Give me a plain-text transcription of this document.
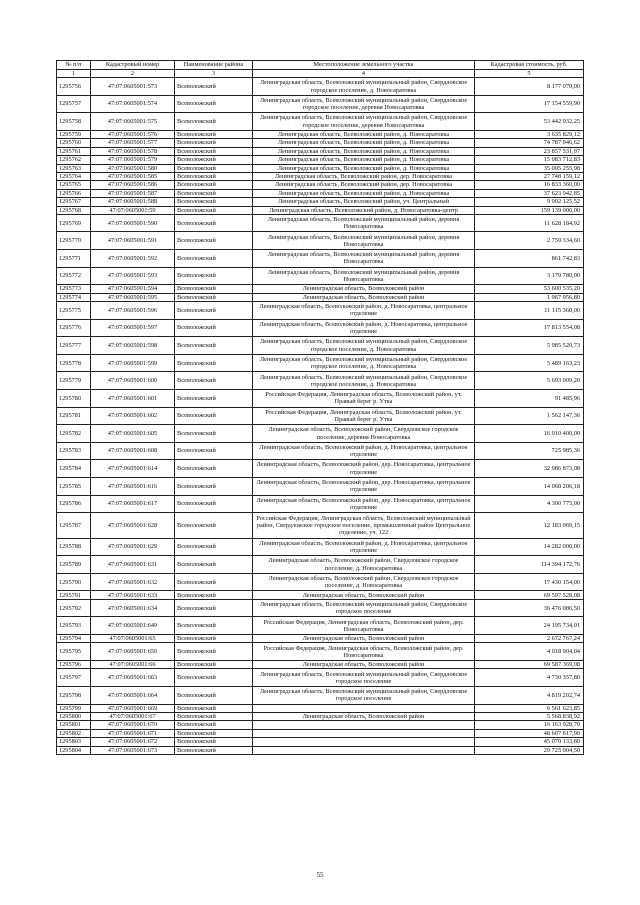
№ п/п	Кадастровый номер	Наименование района	Местоположение земельного участка	Кадастровая стоимость, руб.
1	2	3	4	5
1295756	47:07:0605001:573	Всеволожский	Ленинградская область, Всеволожский муниципальный район, Свердловское городское поселение, д. Новосаратовка	8 177 070,00
1295757	47:07:0605001:574	Всеволожский	Ленинградская область, Всеволожский муниципальный район, Свердловское городское поселение, деревня Новосаратовка	17 154 559,90
1295758	47:07:0605001:575	Всеволожский	Ленинградская область, Всеволожский муниципальный район, Свердловское городское поселение, деревня Новосаратовка	53 442 932,25
1295759	47:07:0605001:576	Всеволожский	Ленинградская область, Всеволожский район, д. Новосаратовка	3 635 829,12
1295760	47:07:0605001:577	Всеволожский	Ленинградская область, Всеволожский район, д. Новосаратовка	74 787 946,62
1295761	47:07:0605001:578	Всеволожский	Ленинградская область, Всеволожский район, д. Новосаратовка	23 857 531,97
1295762	47:07:0605001:579	Всеволожский	Ленинградская область, Всеволожский район, д. Новосаратовка	15 083 712,83
1295763	47:07:0605001:580	Всеволожский	Ленинградская область, Всеволожский район, д. Новосаратовка	35 005 255,98
1295764	47:07:0605001:585	Всеволожский	Ленинградская область, Всеволожский район, дер. Новосаратовка	27 748 159,12
1295765	47:07:0605001:586	Всеволожский	Ленинградская область, Всеволожский район, дер. Новосаратовка	16 833 360,00
1295766	47:07:0605001:587	Всеволожский	Ленинградская область, Всеволожский район, д. Новосаратовка	37 623 942,85
1295767	47:07:0605001:588	Всеволожский	Ленинградская область, Всеволожский район, уч. Центральный	9 902 125,52
1295768	47:07:0605001:59	Всеволожский	Ленинградская область, Всеволожский район, д. Новосаратовка-центр	159 139 000,00
1295769	47:07:0605001:590	Всеволожский	Ленинградская область, Всеволожский муниципальный район, деревня Новосаратовка	11 628 184,92
1295770	47:07:0605001:591	Всеволожский	Ленинградская область, Всеволожский муниципальный район, деревня Новосаратовка	2 759 334,60
1295771	47:07:0605001:592	Всеволожский	Ленинградская область, Всеволожский муниципальный район, деревня Новосаратовка	861 742,83
1295772	47:07:0605001:593	Всеволожский	Ленинградская область, Всеволожский муниципальный район, деревня Новосаратовка	3 179 780,00
1295773	47:07:0605001:594	Всеволожский	Ленинградская область, Всеволожский район	53 600 535,20
1295774	47:07:0605001:595	Всеволожский	Ленинградская область, Всеволожский район	1 967 956,80
1295775	47:07:0605001:596	Всеволожский	Ленинградская область, Всеволожский район, д. Новосаратовка, центральное отделение	11 115 360,00
1295776	47:07:0605001:597	Всеволожский	Ленинградская область, Всеволожский район, д. Новосаратовка, центральное отделение	17 813 554,08
1295777	47:07:0605001:598	Всеволожский	Ленинградская область, Всеволожский муниципальный район, Свердловское городское поселение, д. Новосаратовка	5 985 520,73
1295778	47:07:0605001:599	Всеволожский	Ленинградская область, Всеволожский муниципальный район, Свердловское городское поселение, д. Новосаратовка	5 489 163,23
1295779	47:07:0605001:600	Всеволожский	Ленинградская область, Всеволожский муниципальный район, Свердловское городское поселение, д. Новосаратовка	5 693 009,20
1295780	47:07:0605001:601	Всеволожский	Российская Федерация, Ленинградская область, Всеволожский район, ут. Правый берег р. Утка	91 485,96
1295781	47:07:0605001:602	Всеволожский	Российская Федерация, Ленинградская область, Всеволожский район, ут. Правый берег р. Утка	1 562 147,36
1295782	47:07:0605001:605	Всеволожский	Ленинградская область, Всеволожский район, Свердловское городское поселение, деревня Новосаратовка	16 010 400,00
1295783	47:07:0605001:608	Всеволожский	Ленинградская область, Всеволожский район, д. Новосаратовка, центральное отделение	725 985,36
1295784	47:07:0605001:614	Всеволожский	Ленинградская область, Всеволожский район, дер. Новосаратовка, центральное отделение	32 986 873,08
1295785	47:07:0605001:616	Всеволожский	Ленинградская область, Всеволожский район, дер. Новосаратовка, центральное отделение	14 068 206,18
1295786	47:07:0605001:617	Всеволожский	Ленинградская область, Всеволожский район, дер. Новосаратовка, центральное отделение	4 300 775,00
1295787	47:07:0605001:628	Всеволожский	Российская Федерация, Ленинградская область, Всеволожский муниципальный район, Свердловское городское поселение, промышленный район Центральное отделение, уч. 122	12 183 069,15
1295788	47:07:0605001:629	Всеволожский	Ленинградская область, Всеволожский район, д. Новосаратовка, центральное отделение	14 282 000,00
1295789	47:07:0605001:631	Всеволожский	Ленинградская область, Всеволожский район, Свердловское городское поселение, д. Новосаратовка	114 394 172,76
1295790	47:07:0605001:632	Всеволожский	Ленинградская область, Всеволожский район, Свердловское городское поселение, д. Новосаратовка	17 430 154,00
1295791	47:07:0605001:633	Всеволожский	Ленинградская область, Всеволожский район	69 597 528,08
1295792	47:07:0605001:634	Всеволожский	Ленинградская область, Всеволожский муниципальный район, Свердловское городское поселение	36 476 086,50
1295793	47:07:0605001:649	Всеволожский	Российская Федерация, Ленинградская область, Всеволожский район, дер. Новосаратовка	24 195 734,01
1295794	47:07:0605001:65	Всеволожский	Ленинградская область, Всеволожский район	2 672 767,24
1295795	47:07:0605001:650	Всеволожский	Российская Федерация, Ленинградская область, Всеволожский район, дер. Новосаратовка	4 018 904,04
1295796	47:07:0605001:66	Всеволожский	Ленинградская область, Всеволожский район	69 587 369,08
1295797	47:07:0605001:663	Всеволожский	Ленинградская область, Всеволожский муниципальный район, Свердловское городское поселение	4 730 357,80
1295798	47:07:0605001:664	Всеволожский	Ленинградская область, Всеволожский муниципальный район, Свердловское городское поселение	4 819 202,74
1295799	47:07:0605001:669	Всеволожский		6 561 623,85
1295800	47:07:0605001:67	Всеволожский	Ленинградская область, Всеволожский район	5 568 838,92
1295801	47:07:0605001:670	Всеволожский		16 163 928,70
1295802	47:07:0605001:671	Всеволожский		48 607 617,90
1295803	47:07:0605001:672	Всеволожский		45 070 133,80
1295804	47:07:0605001:673	Всеволожский		29 725 004,50
55
